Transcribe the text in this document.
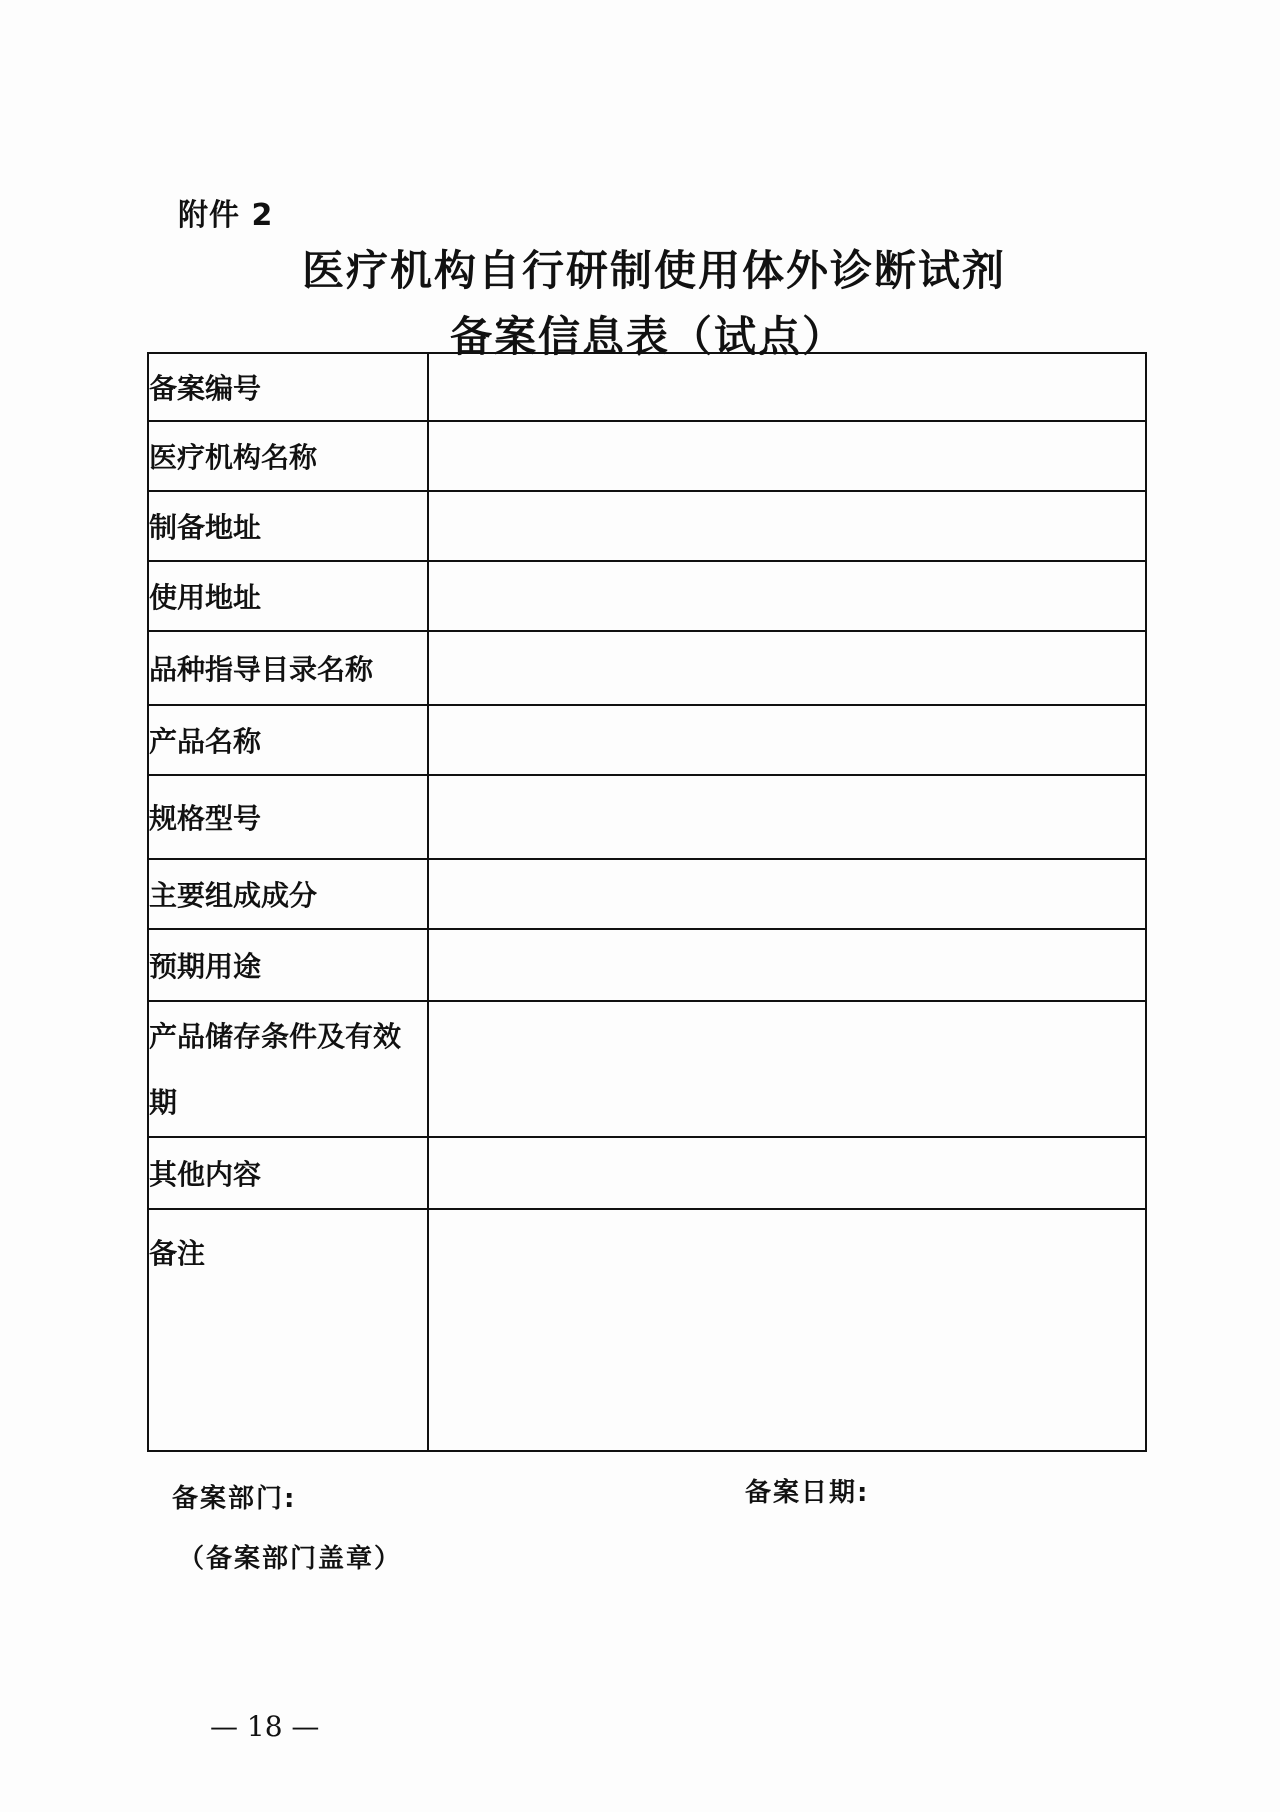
附件 2
医疗机构自行研制使用体外诊断试剂
备案信息表（试点）
备案编号	
医疗机构名称	
制备地址	
使用地址	
品种指导目录名称	
产品名称	
规格型号	
主要组成成分	
预期用途	
产品储存条件及有效期	
其他内容	
备注	
备案部门:	备案日期:
（备案部门盖章）
— 18 —
